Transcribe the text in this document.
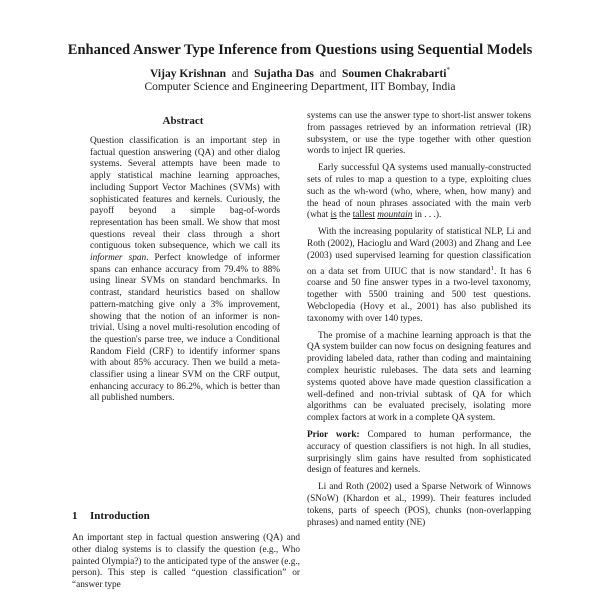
Enhanced Answer Type Inference from Questions using Sequential Models
Vijay Krishnan and Sujatha Das and Soumen Chakrabarti*
Computer Science and Engineering Department, IIT Bombay, India
Abstract

Question classification is an important step in factual question answering (QA) and other dialog systems. Several attempts have been made to apply statistical machine learning approaches, including Support Vector Machines (SVMs) with sophisticated features and kernels. Curiously, the payoff beyond a simple bag-of-words representation has been small. We show that most questions reveal their class through a short contiguous token subsequence, which we call its informer span. Perfect knowledge of informer spans can enhance accuracy from 79.4% to 88% using linear SVMs on standard benchmarks. In contrast, standard heuristics based on shallow pattern-matching give only a 3% improvement, showing that the notion of an informer is non-trivial. Using a novel multi-resolution encoding of the question's parse tree, we induce a Conditional Random Field (CRF) to identify informer spans with about 85% accuracy. Then we build a meta-classifier using a linear SVM on the CRF output, enhancing accuracy to 86.2%, which is better than all published numbers.

1 Introduction

An important step in factual question answering (QA) and other dialog systems is to classify the question (e.g., Who painted Olympia?) to the anticipated type of the answer (e.g., person). This step is called “question classification” or “answer type

systems can use the answer type to short-list answer tokens from passages retrieved by an information retrieval (IR) subsystem, or use the type together with other question words to inject IR queries.

Early successful QA systems used manually-constructed sets of rules to map a question to a type, exploiting clues such as the wh-word (who, where, when, how many) and the head of noun phrases associated with the main verb (what is the tallest mountain in . . .).

With the increasing popularity of statistical NLP, Li and Roth (2002), Hacioglu and Ward (2003) and Zhang and Lee (2003) used supervised learning for question classification on a data set from UIUC that is now standard$^1$. It has 6 coarse and 50 fine answer types in a two-level taxonomy, together with 5500 training and 500 test questions. Webclopedia (Hovy et al., 2001) has also published its taxonomy with over 140 types.

The promise of a machine learning approach is that the QA system builder can now focus on designing features and providing labeled data, rather than coding and maintaining complex heuristic rulebases. The data sets and learning systems quoted above have made question classification a well-defined and non-trivial subtask of QA for which algorithms can be evaluated precisely, isolating more complex factors at work in a complete QA system.

Prior work: Compared to human performance, the accuracy of question classifiers is not high. In all studies, surprisingly slim gains have resulted from sophisticated design of features and kernels.

Li and Roth (2002) used a Sparse Network of Winnows (SNoW) (Khardon et al., 1999). Their features included tokens, parts of speech (POS), chunks (non-overlapping phrases) and named entity (NE)
